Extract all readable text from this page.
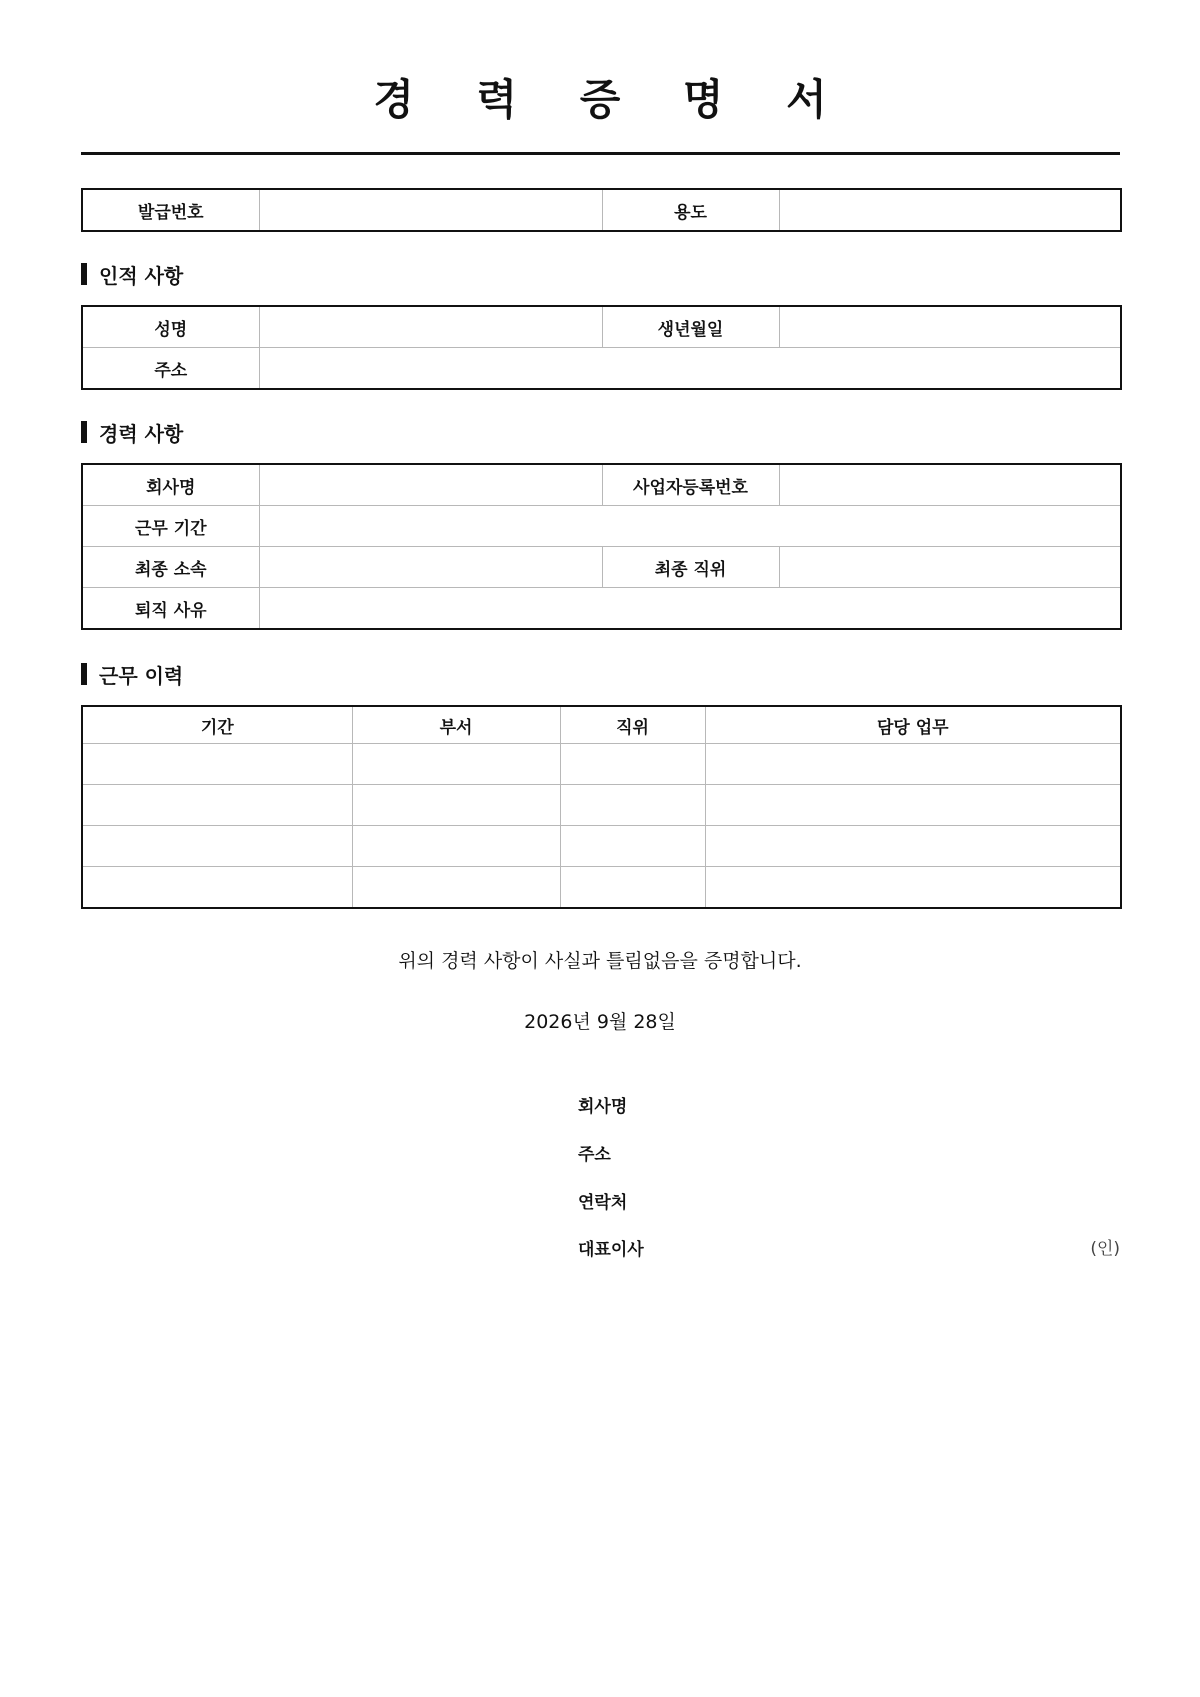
경 력 증 명 서
발급번호		용도	
인적 사항
성명		생년월일	
주소			
경력 사항
회사명		사업자등록번호	
근무 기간			
최종 소속		최종 직위	
퇴직 사유			
근무 이력
기간	부서	직위	담당 업무

위의 경력 사항이 사실과 틀림없음을 증명합니다.
2026년 9월 28일
회사명
주소
연락처
대표이사	(인)
